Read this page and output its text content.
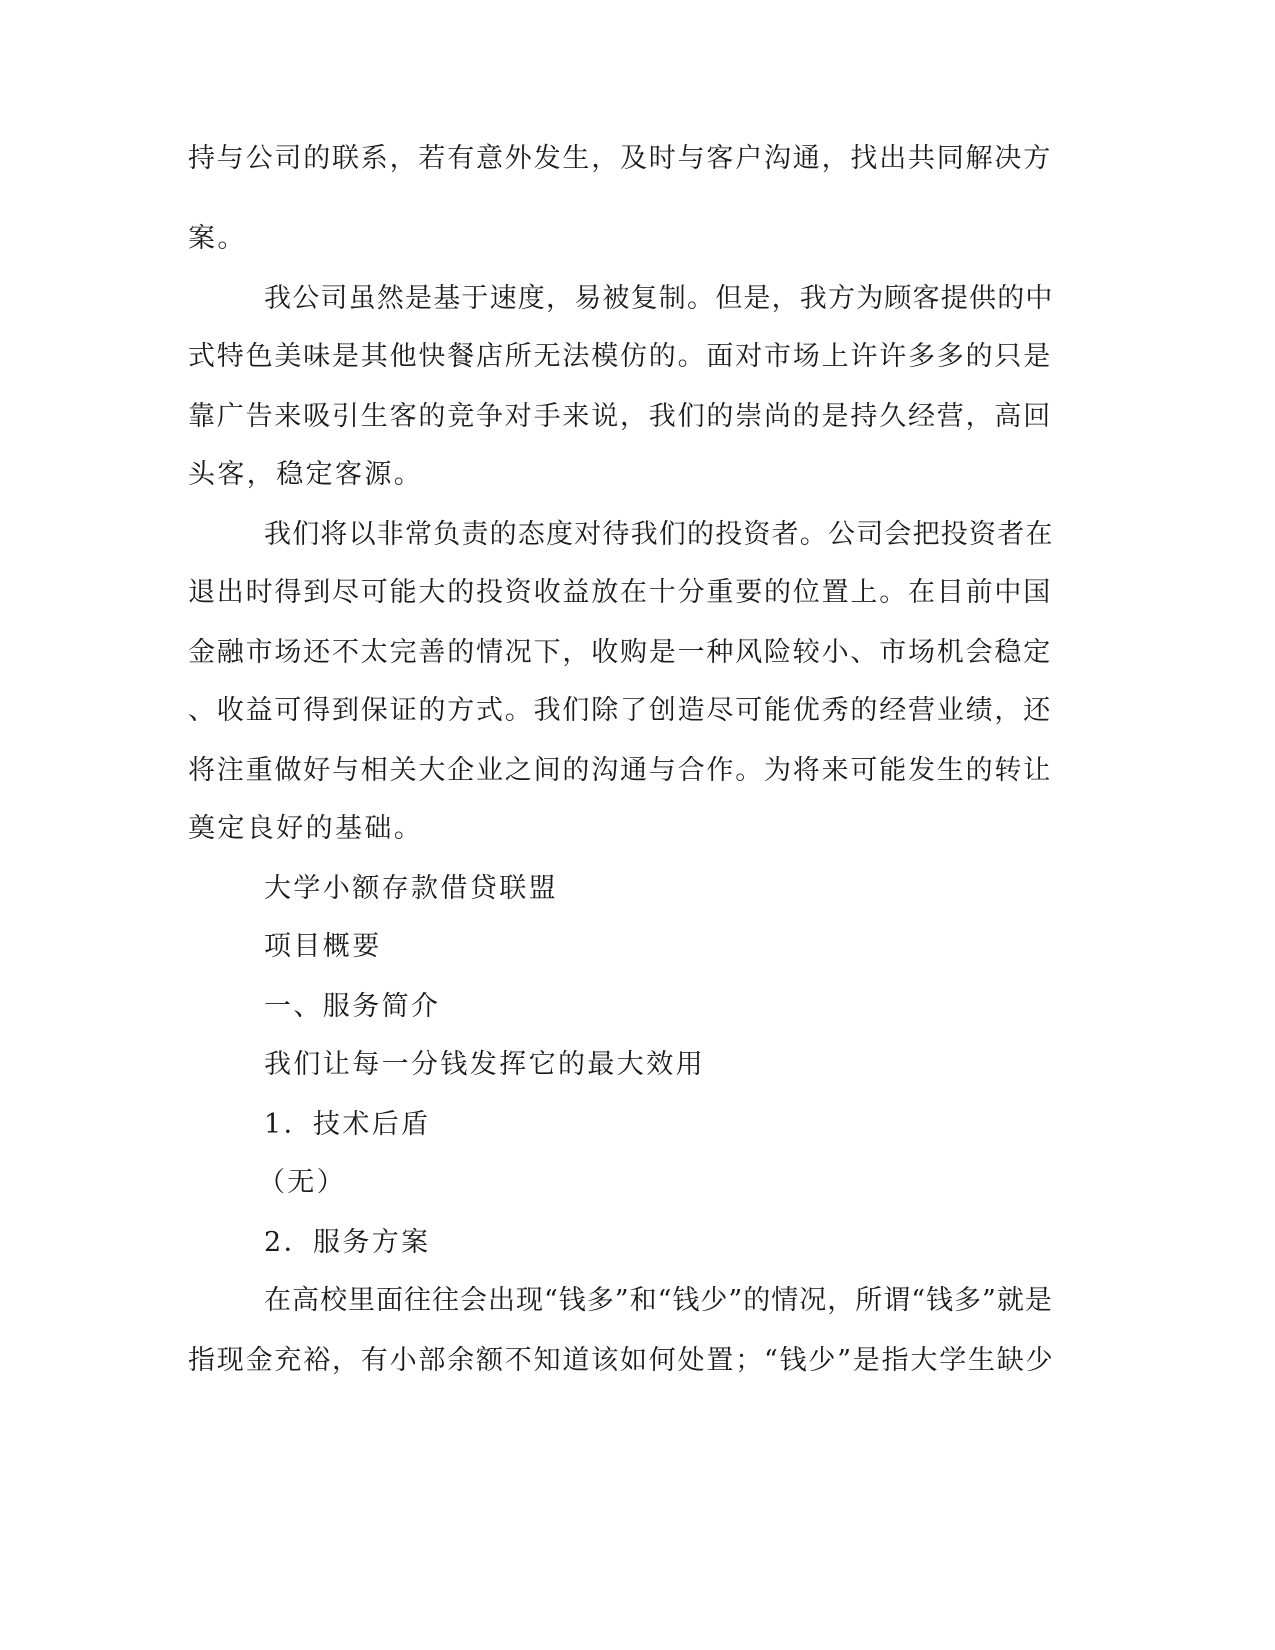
持与公司的联系，若有意外发生，及时与客户沟通，找出共同解决方

案。

我公司虽然是基于速度，易被复制。但是，我方为顾客提供的中

式特色美味是其他快餐店所无法模仿的。面对市场上许许多多的只是

靠广告来吸引生客的竞争对手来说，我们的崇尚的是持久经营，高回

头客，稳定客源。

我们将以非常负责的态度对待我们的投资者。公司会把投资者在

退出时得到尽可能大的投资收益放在十分重要的位置上。在目前中国

金融市场还不太完善的情况下，收购是一种风险较小、市场机会稳定

、收益可得到保证的方式。我们除了创造尽可能优秀的经营业绩，还

将注重做好与相关大企业之间的沟通与合作。为将来可能发生的转让

奠定良好的基础。

大学小额存款借贷联盟

项目概要

一、服务简介

我们让每一分钱发挥它的最大效用

1．技术后盾

（无）

2．服务方案

在高校里面往往会出现“钱多”和“钱少”的情况，所谓“钱多”就是

指现金充裕，有小部余额不知道该如何处置；“钱少”是指大学生缺少
